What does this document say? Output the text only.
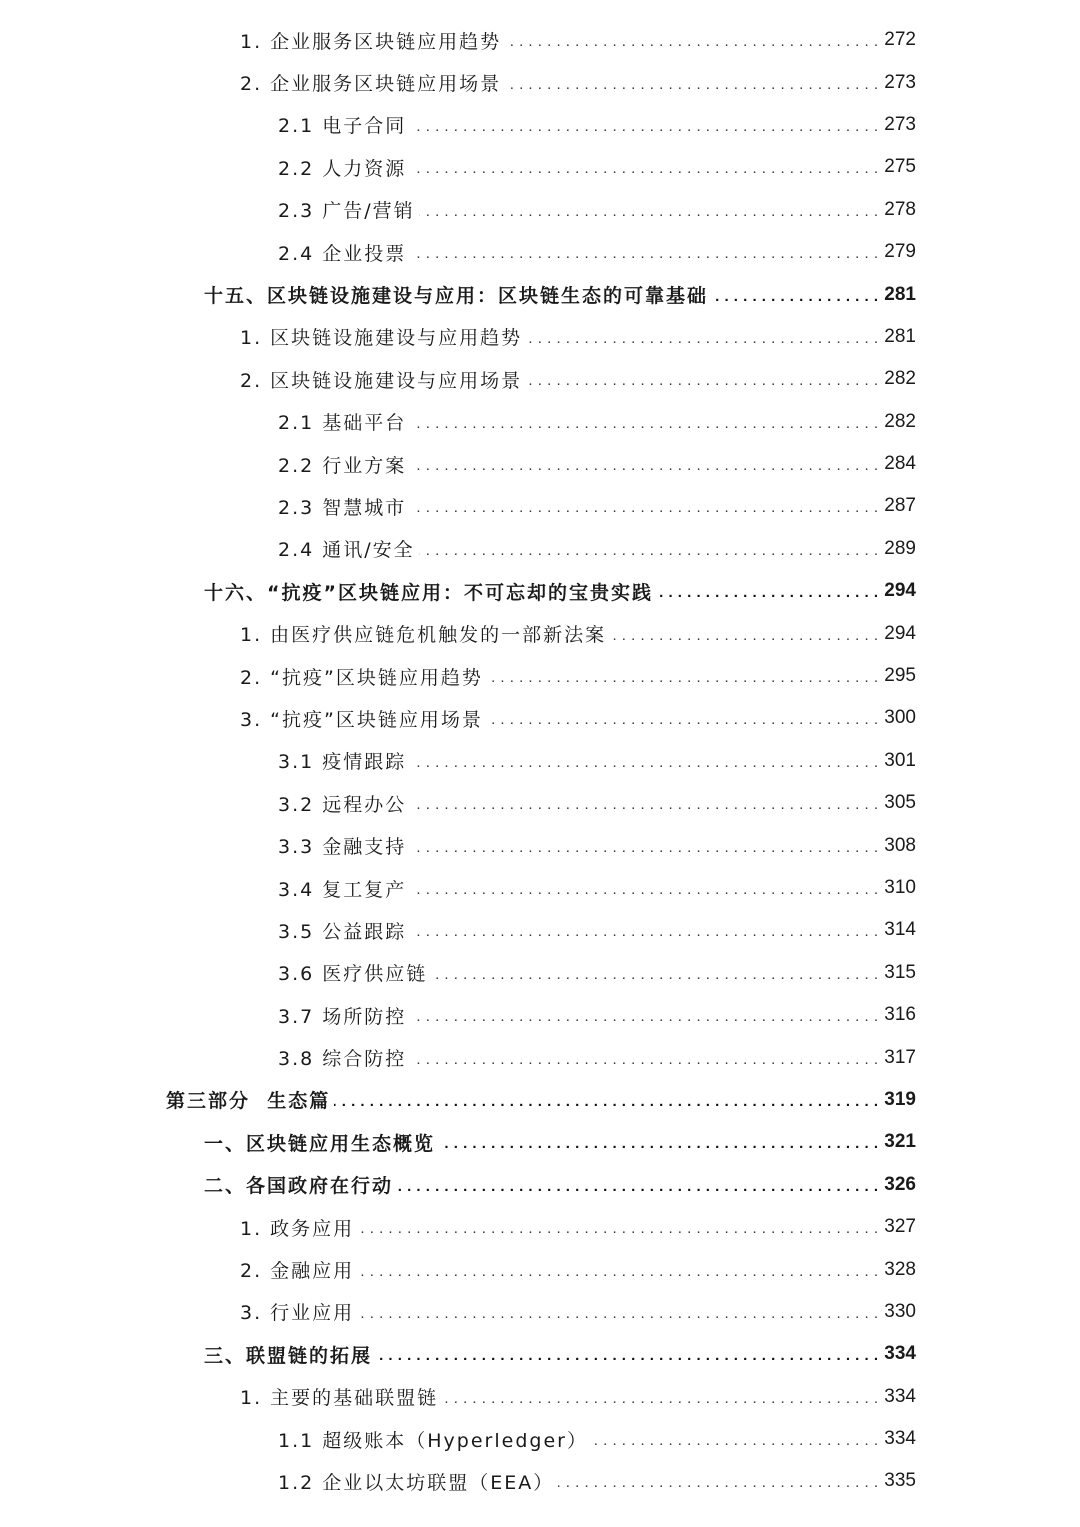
1. 企业服务区块链应用趋势 . . .	272
2. 企业服务区块链应用场景 . . .	273
2.1 电子合同 . . .	273
2.2 人力资源 . . .	275
2.3 广告/营销 . . .	278
2.4 企业投票 . . .	279
十五、区块链设施建设与应用：区块链生态的可靠基础 . . .	281
1. 区块链设施建设与应用趋势 . . .	281
2. 区块链设施建设与应用场景 . . .	282
2.1 基础平台 . . .	282
2.2 行业方案 . . .	284
2.3 智慧城市 . . .	287
2.4 通讯/安全 . . .	289
十六、“抗疫”区块链应用：不可忘却的宝贵实践 . . .	294
1. 由医疗供应链危机触发的一部新法案 . . .	294
2. “抗疫”区块链应用趋势 . . .	295
3. “抗疫”区块链应用场景 . . .	300
3.1 疫情跟踪 . . .	301
3.2 远程办公 . . .	305
3.3 金融支持 . . .	308
3.4 复工复产 . . .	310
3.5 公益跟踪 . . .	314
3.6 医疗供应链 . . .	315
3.7 场所防控 . . .	316
3.8 综合防控 . . .	317
第三部分  生态篇 . . .	319
一、区块链应用生态概览 . . .	321
二、各国政府在行动 . . .	326
1. 政务应用 . . .	327
2. 金融应用 . . .	328
3. 行业应用 . . .	330
三、联盟链的拓展 . . .	334
1. 主要的基础联盟链 . . .	334
1.1 超级账本（Hyperledger） . . .	334
1.2 企业以太坊联盟（EEA） . . .	335
